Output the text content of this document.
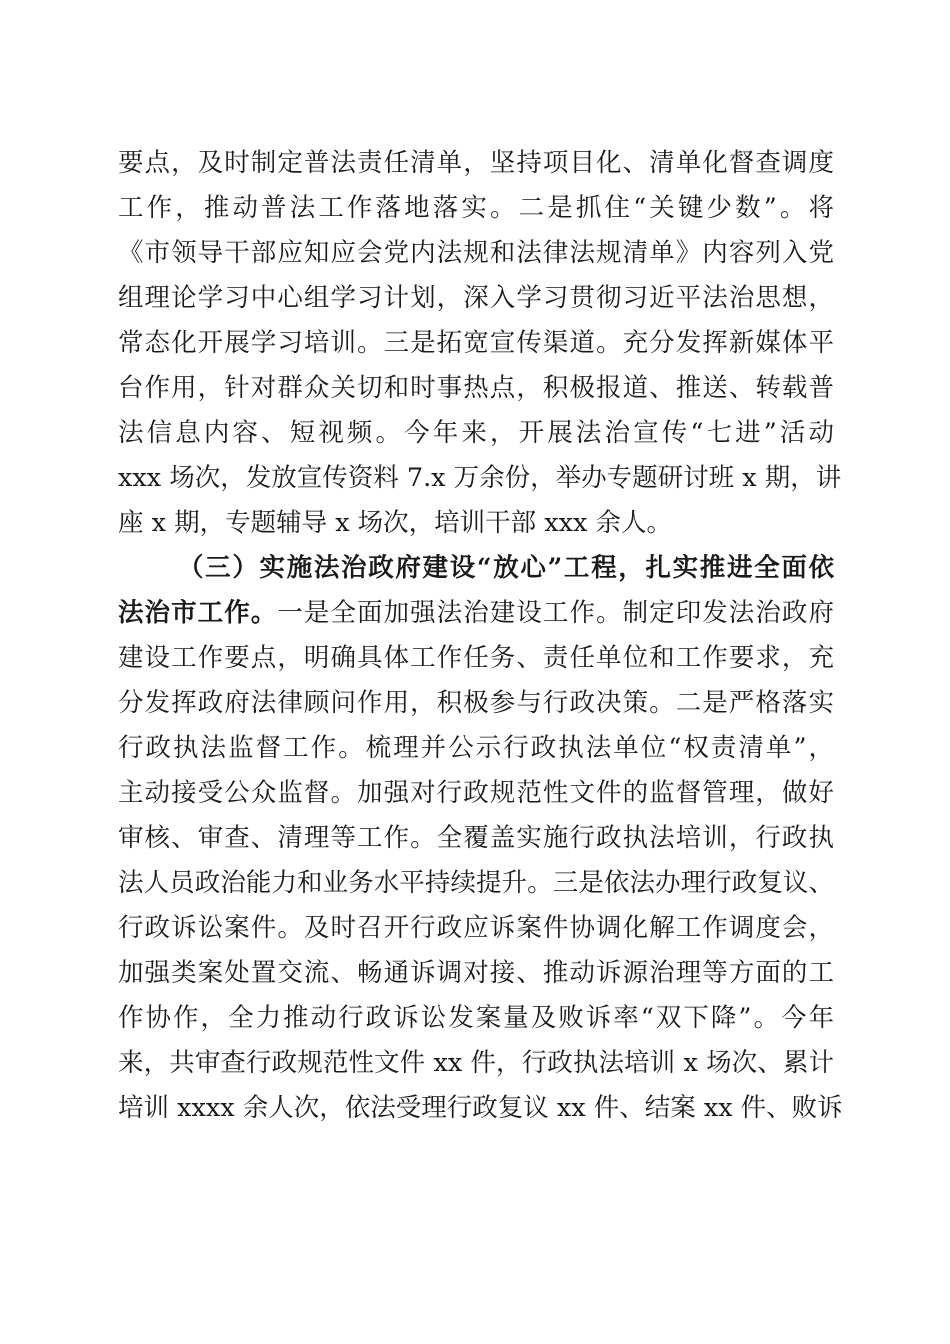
要点，及时制定普法责任清单，坚持项目化、清单化督查调度
工作，推动普法工作落地落实。二是抓住“关键少数”。将
《市领导干部应知应会党内法规和法律法规清单》内容列入党
组理论学习中心组学习计划，深入学习贯彻习近平法治思想，
常态化开展学习培训。三是拓宽宣传渠道。充分发挥新媒体平
台作用，针对群众关切和时事热点，积极报道、推送、转载普
法信息内容、短视频。今年来，开展法治宣传“七进”活动
xxx 场次，发放宣传资料 7.x 万余份，举办专题研讨班 x 期，讲
座 x 期，专题辅导 x 场次，培训干部 xxx 余人。
（三）实施法治政府建设“放心”工程，扎实推进全面依
法治市工作。一是全面加强法治建设工作。制定印发法治政府
建设工作要点，明确具体工作任务、责任单位和工作要求，充
分发挥政府法律顾问作用，积极参与行政决策。二是严格落实
行政执法监督工作。梳理并公示行政执法单位“权责清单”，
主动接受公众监督。加强对行政规范性文件的监督管理，做好
审核、审查、清理等工作。全覆盖实施行政执法培训，行政执
法人员政治能力和业务水平持续提升。三是依法办理行政复议、
行政诉讼案件。及时召开行政应诉案件协调化解工作调度会，
加强类案处置交流、畅通诉调对接、推动诉源治理等方面的工
作协作，全力推动行政诉讼发案量及败诉率“双下降”。今年
来，共审查行政规范性文件 xx 件，行政执法培训 x 场次、累计
培训 xxxx 余人次，依法受理行政复议 xx 件、结案 xx 件、败诉
